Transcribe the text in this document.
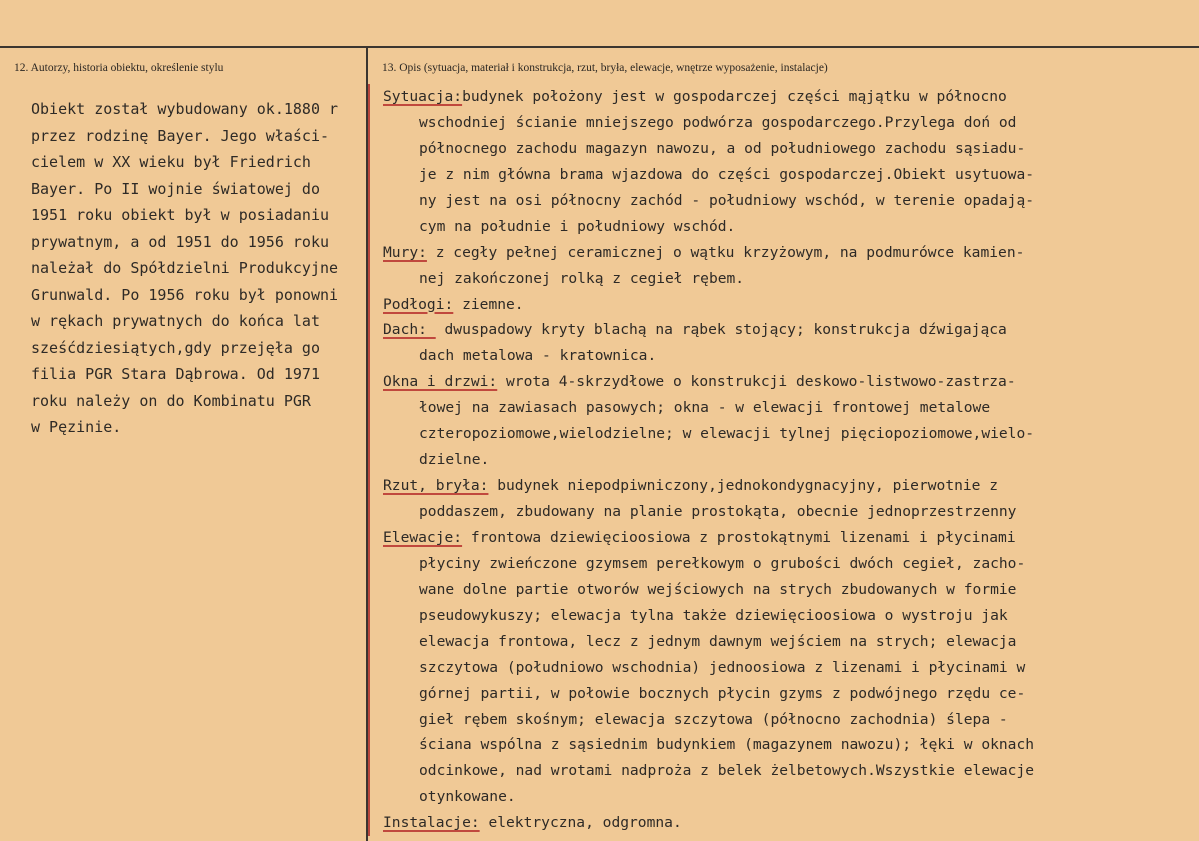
12. Autorzy, historia obiektu, określenie stylu	13. Opis (sytuacja, materiał i konstrukcja, rzut, bryła, elewacje, wnętrze wyposażenie, instalacje)
Obiekt został wybudowany ok.1880 r
przez rodzinę Bayer. Jego właści-
cielem w XX wieku był Friedrich
Bayer. Po II wojnie światowej do
1951 roku obiekt był w posiadaniu
prywatnym, a od 1951 do 1956 roku
należał do Spółdzielni Produkcyjne
Grunwald. Po 1956 roku był ponowni
w rękach prywatnych do końca lat
sześćdziesiątych,gdy przejęła go
filia PGR Stara Dąbrowa. Od 1971
roku należy on do Kombinatu PGR
w Pęzinie.
Sytuacja:budynek położony jest w gospodarczej części mąjątku w północno
wschodniej ścianie mniejszego podwórza gospodarczego.Przylega doń od
północnego zachodu magazyn nawozu, a od południowego zachodu sąsiadu-
je z nim główna brama wjazdowa do części gospodarczej.Obiekt usytuowa-
ny jest na osi północny zachód - południowy wschód, w terenie opadają-
cym na południe i południowy wschód.
Mury: z cegły pełnej ceramicznej o wątku krzyżowym, na podmurówce kamien-
nej zakończonej rolką z cegieł rębem.
Podłogi: ziemne.
Dach:  dwuspadowy kryty blachą na rąbek stojący; konstrukcja dźwigająca
dach metalowa - kratownica.
Okna i drzwi: wrota 4-skrzydłowe o konstrukcji deskowo-listwowo-zastrza-
łowej na zawiasach pasowych; okna - w elewacji frontowej metalowe
czteropoziomowe,wielodzielne; w elewacji tylnej pięciopoziomowe,wielo-
dzielne.
Rzut, bryła: budynek niepodpiwniczony,jednokondygnacyjny, pierwotnie z
poddaszem, zbudowany na planie prostokąta, obecnie jednoprzestrzenny
Elewacje: frontowa dziewięcioosiowa z prostokątnymi lizenami i płycinami
płyciny zwieńczone gzymsem perełkowym o grubości dwóch cegieł, zacho-
wane dolne partie otworów wejściowych na strych zbudowanych w formie
pseudowykuszy; elewacja tylna także dziewięcioosiowa o wystroju jak
elewacja frontowa, lecz z jednym dawnym wejściem na strych; elewacja
szczytowa (południowo wschodnia) jednoosiowa z lizenami i płycinami w
górnej partii, w połowie bocznych płycin gzyms z podwójnego rzędu ce-
gieł rębem skośnym; elewacja szczytowa (północno zachodnia) ślepa -
ściana wspólna z sąsiednim budynkiem (magazynem nawozu); łęki w oknach
odcinkowe, nad wrotami nadproża z belek żelbetowych.Wszystkie elewacje
otynkowane.
Instalacje: elektryczna, odgromna.
